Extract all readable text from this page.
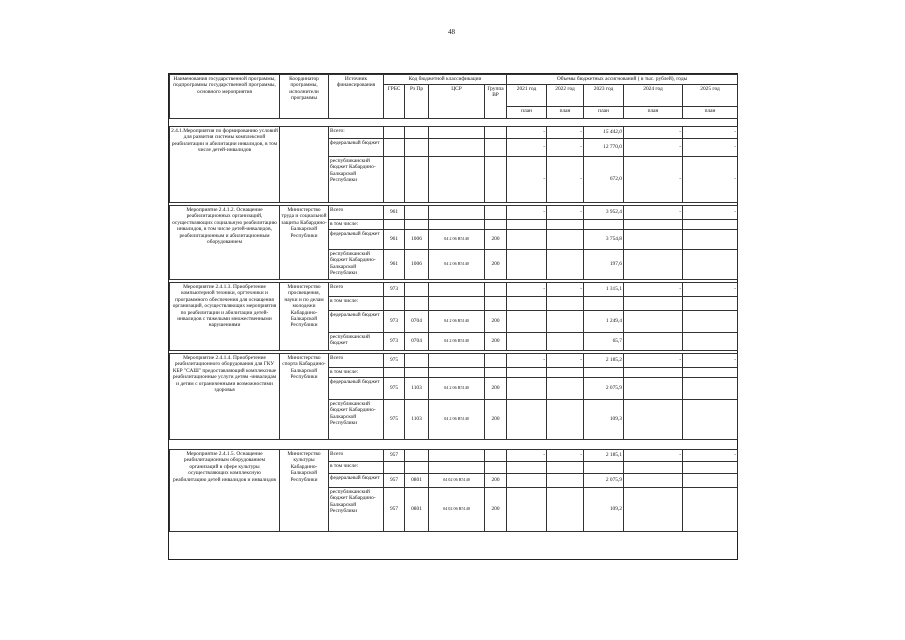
48
Наименования государственной программы, подпрограммы государственной программы, основного мероприятия	Координатор программы, исполнители программы	Источник финансирования	Код бюджетной классификации				Объемы бюджетных ассигнований ( в тыс. рублей), годы				
			ГРБС	Рз Пр	ЦСР	Группа ВР	2021 год	2022 год	2023 год	2024 год	2025 год
							план	план	план	план	план

2.4.1.Мероприятия по формированию условий для развития системы комплексной реабилитации и абилитации инвалидов, в том числе детей-инвалидов		Всего:					-	-	15 442,0	-	-
		федеральный бюджет					-	-	12 770,0	-	-
		республиканский бюджет Кабардино-Балкарской Республики					-	-	672,0	-	-

Мероприятие 2.4.1.2. Оснащение реабилитационных организаций, осуществляющих социальную реабилитацию инвалидов, в том числе детей-инвалидов, реабилитационным и абилитационным оборудованием	Министерство труда и социальной защиты Кабардино-Балкарской Республики	Всего	961				-	-	3 952,4	-	-
		в том числе:									
		федеральный бюджет	961	1006	04 2 06 R5140	200			3 754,8		
		республиканский бюджет Кабардино-Балкарской Республики	961	1006	04 2 06 R5140	200			197,6		

Мероприятие 2.4.1.3. Приобретение компьютерной техники, оргтехники и программного обеспечения для оснащения организаций, осуществляющих мероприятия по реабилитации и абилитации детей-инвалидов с тяжелыми множественными нарушениями	Министерство просвещения, науки и по делам молодежи Кабардино-Балкарской Республики	Всего	973				-	-	1 315,1	-	-
		в том числе:									
		федеральный бюджет	973	0704	04 2 06 R5140	200			1 249,4		
		республиканский бюджет	973	0704	04 2 06 R5140	200			65,7		

Мероприятие 2.4.1.4. Приобретение реабилитационного оборудования для ГКУ КБР "САШ" предоставляющий комплексные реабилитационные услуги детям -инвалидам и детям с ограниченными возможностями здоровья	Министерство спорта Кабардино-Балкарской Республики	Всего	975				-	-	2 185,2	-	-
		в том числе:									
		федеральный бюджет	975	1103	04 2 06 R5140	200			2 075,9		
		республиканский бюджет Кабардино-Балкарской Республики	975	1103	04 2 06 R5140	200			109,3		

Мероприятие 2.4.1.5. Оснащение реабилитационным оборудованием организаций в сфере культуры осуществляющих комплексную реабилитацию детей инвалидов и инвалидов	Министерство культуры Кабардино-Балкарской Республики	Всего	957				-	-	2 185,1	-	-
		в том числе:									
		федеральный бюджет	957	0801	04 02 06 R5140	200			2 075,9		
		республиканский бюджет Кабардино-Балкарской Республики	957	0801	04 02 06 R5140	200			109,2		
